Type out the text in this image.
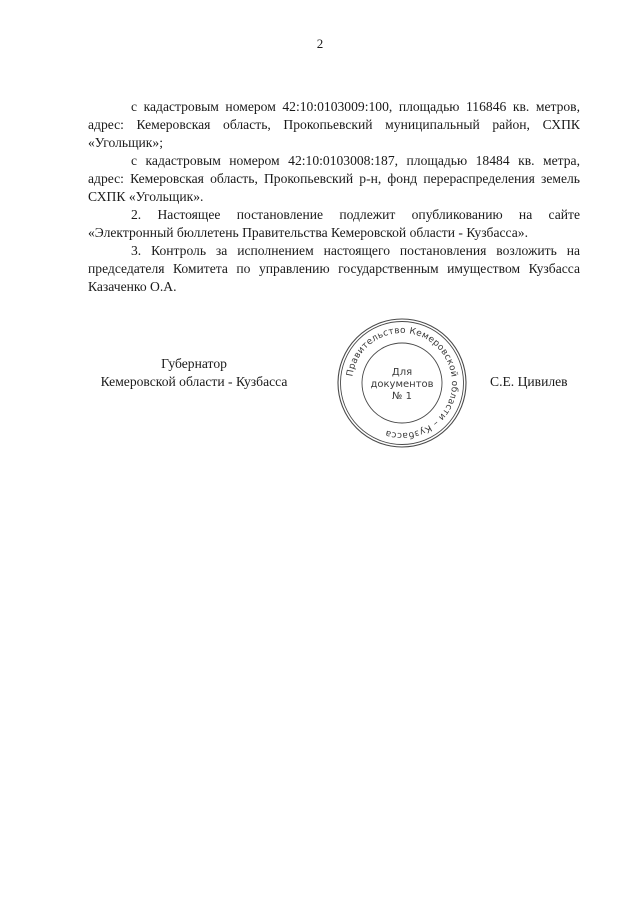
2

с кадастровым номером 42:10:0103009:100, площадью 116846 кв. метров, адрес: Кемеровская область, Прокопьевский муниципальный район, СХПК «Угольщик»;

с кадастровым номером 42:10:0103008:187, площадью 18484 кв. метра, адрес: Кемеровская область, Прокопьевский р-н, фонд перераспределения земель СХПК «Угольщик».

2. Настоящее постановление подлежит опубликованию на сайте «Электронный бюллетень Правительства Кемеровской области - Кузбасса».

3. Контроль за исполнением настоящего постановления возложить на председателя Комитета по управлению государственным имуществом Кузбасса Казаченко О.А.

Губернатор
Кемеровской области - Кузбасса
Правительство Кемеровской области – Кузбасса
Для
документов
№ 1
С.Е. Цивилев
